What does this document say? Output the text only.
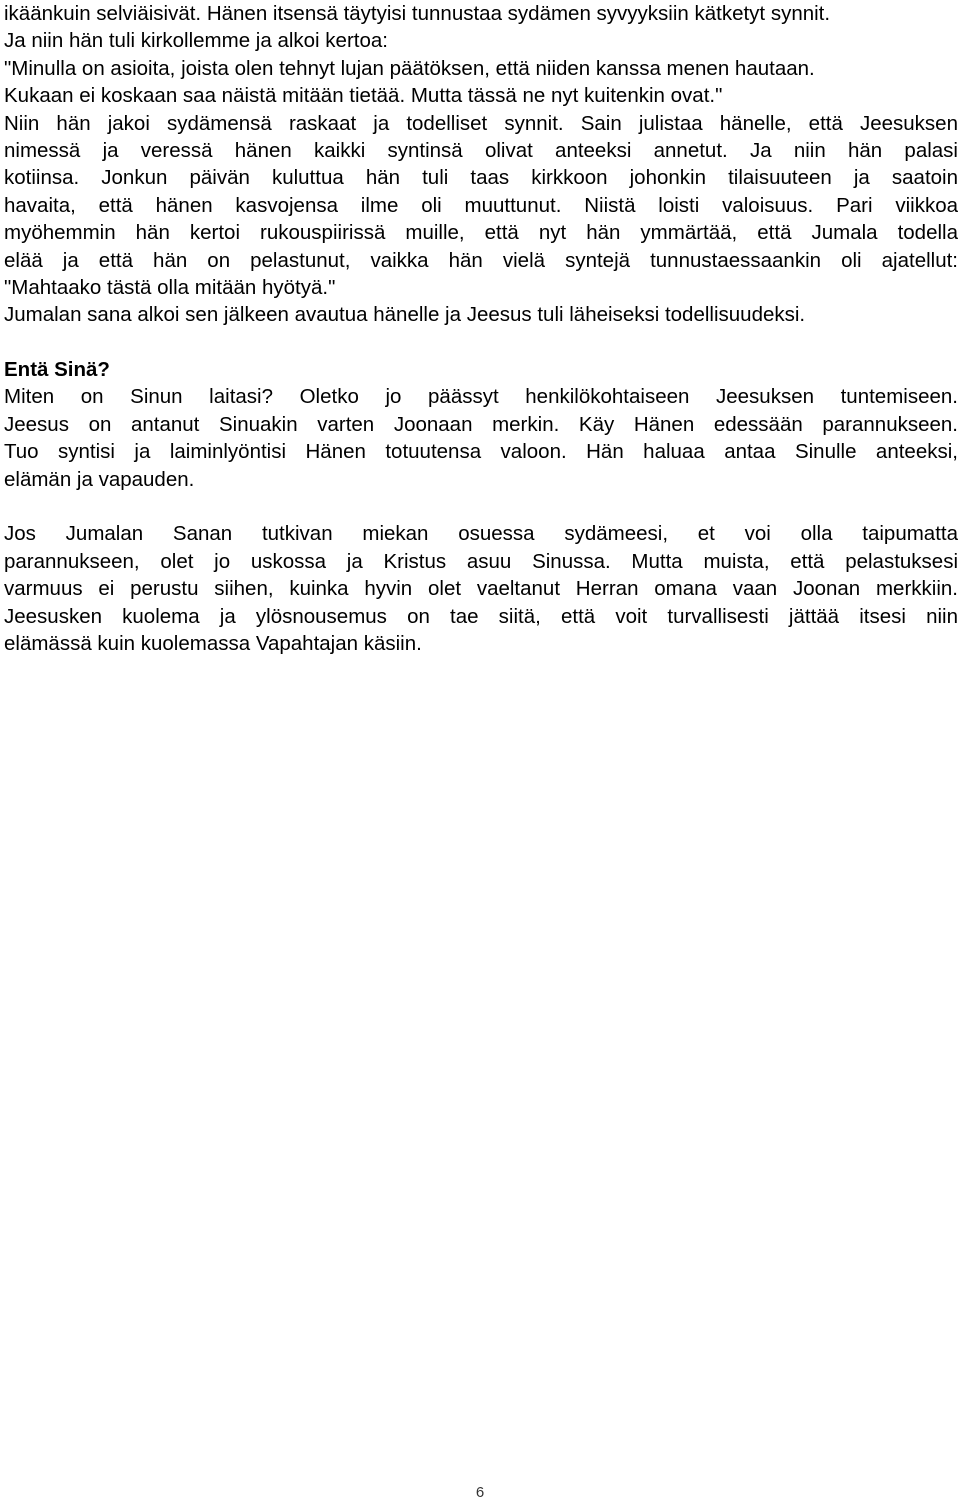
ikäänkuin selviäisivät. Hänen itsensä täytyisi tunnustaa sydämen syvyyksiin kätketyt synnit.
Ja niin hän tuli kirkollemme ja alkoi kertoa:
"Minulla on asioita, joista olen tehnyt lujan päätöksen, että niiden kanssa menen hautaan.
Kukaan ei koskaan saa näistä mitään tietää. Mutta tässä ne nyt kuitenkin ovat."
Niin hän jakoi sydämensä raskaat ja todelliset synnit. Sain julistaa hänelle, että Jeesuksen
nimessä ja veressä hänen kaikki syntinsä olivat anteeksi annetut. Ja niin hän palasi
kotiinsa. Jonkun päivän kuluttua hän tuli taas kirkkoon johonkin tilaisuuteen ja saatoin
havaita, että hänen kasvojensa ilme oli muuttunut. Niistä loisti valoisuus. Pari viikkoa
myöhemmin hän kertoi rukouspiirissä muille, että nyt hän ymmärtää, että Jumala todella
elää ja että hän on pelastunut, vaikka hän vielä syntejä tunnustaessaankin oli ajatellut:
"Mahtaako tästä olla mitään hyötyä."
Jumalan sana alkoi sen jälkeen avautua hänelle ja Jeesus tuli läheiseksi todellisuudeksi.
Entä Sinä?
Miten on Sinun laitasi? Oletko jo päässyt henkilökohtaiseen Jeesuksen tuntemiseen.
Jeesus on antanut Sinuakin varten Joonaan merkin. Käy Hänen edessään parannukseen.
Tuo syntisi ja laiminlyöntisi Hänen totuutensa valoon. Hän haluaa antaa Sinulle anteeksi,
elämän ja vapauden.
Jos Jumalan Sanan tutkivan miekan osuessa sydämeesi, et voi olla taipumatta
parannukseen, olet jo uskossa ja Kristus asuu Sinussa. Mutta muista, että pelastuksesi
varmuus ei perustu siihen, kuinka hyvin olet vaeltanut Herran omana vaan Joonan merkkiin.
Jeesusken kuolema ja ylösnousemus on tae siitä, että voit turvallisesti jättää itsesi niin
elämässä kuin kuolemassa Vapahtajan käsiin.
6
